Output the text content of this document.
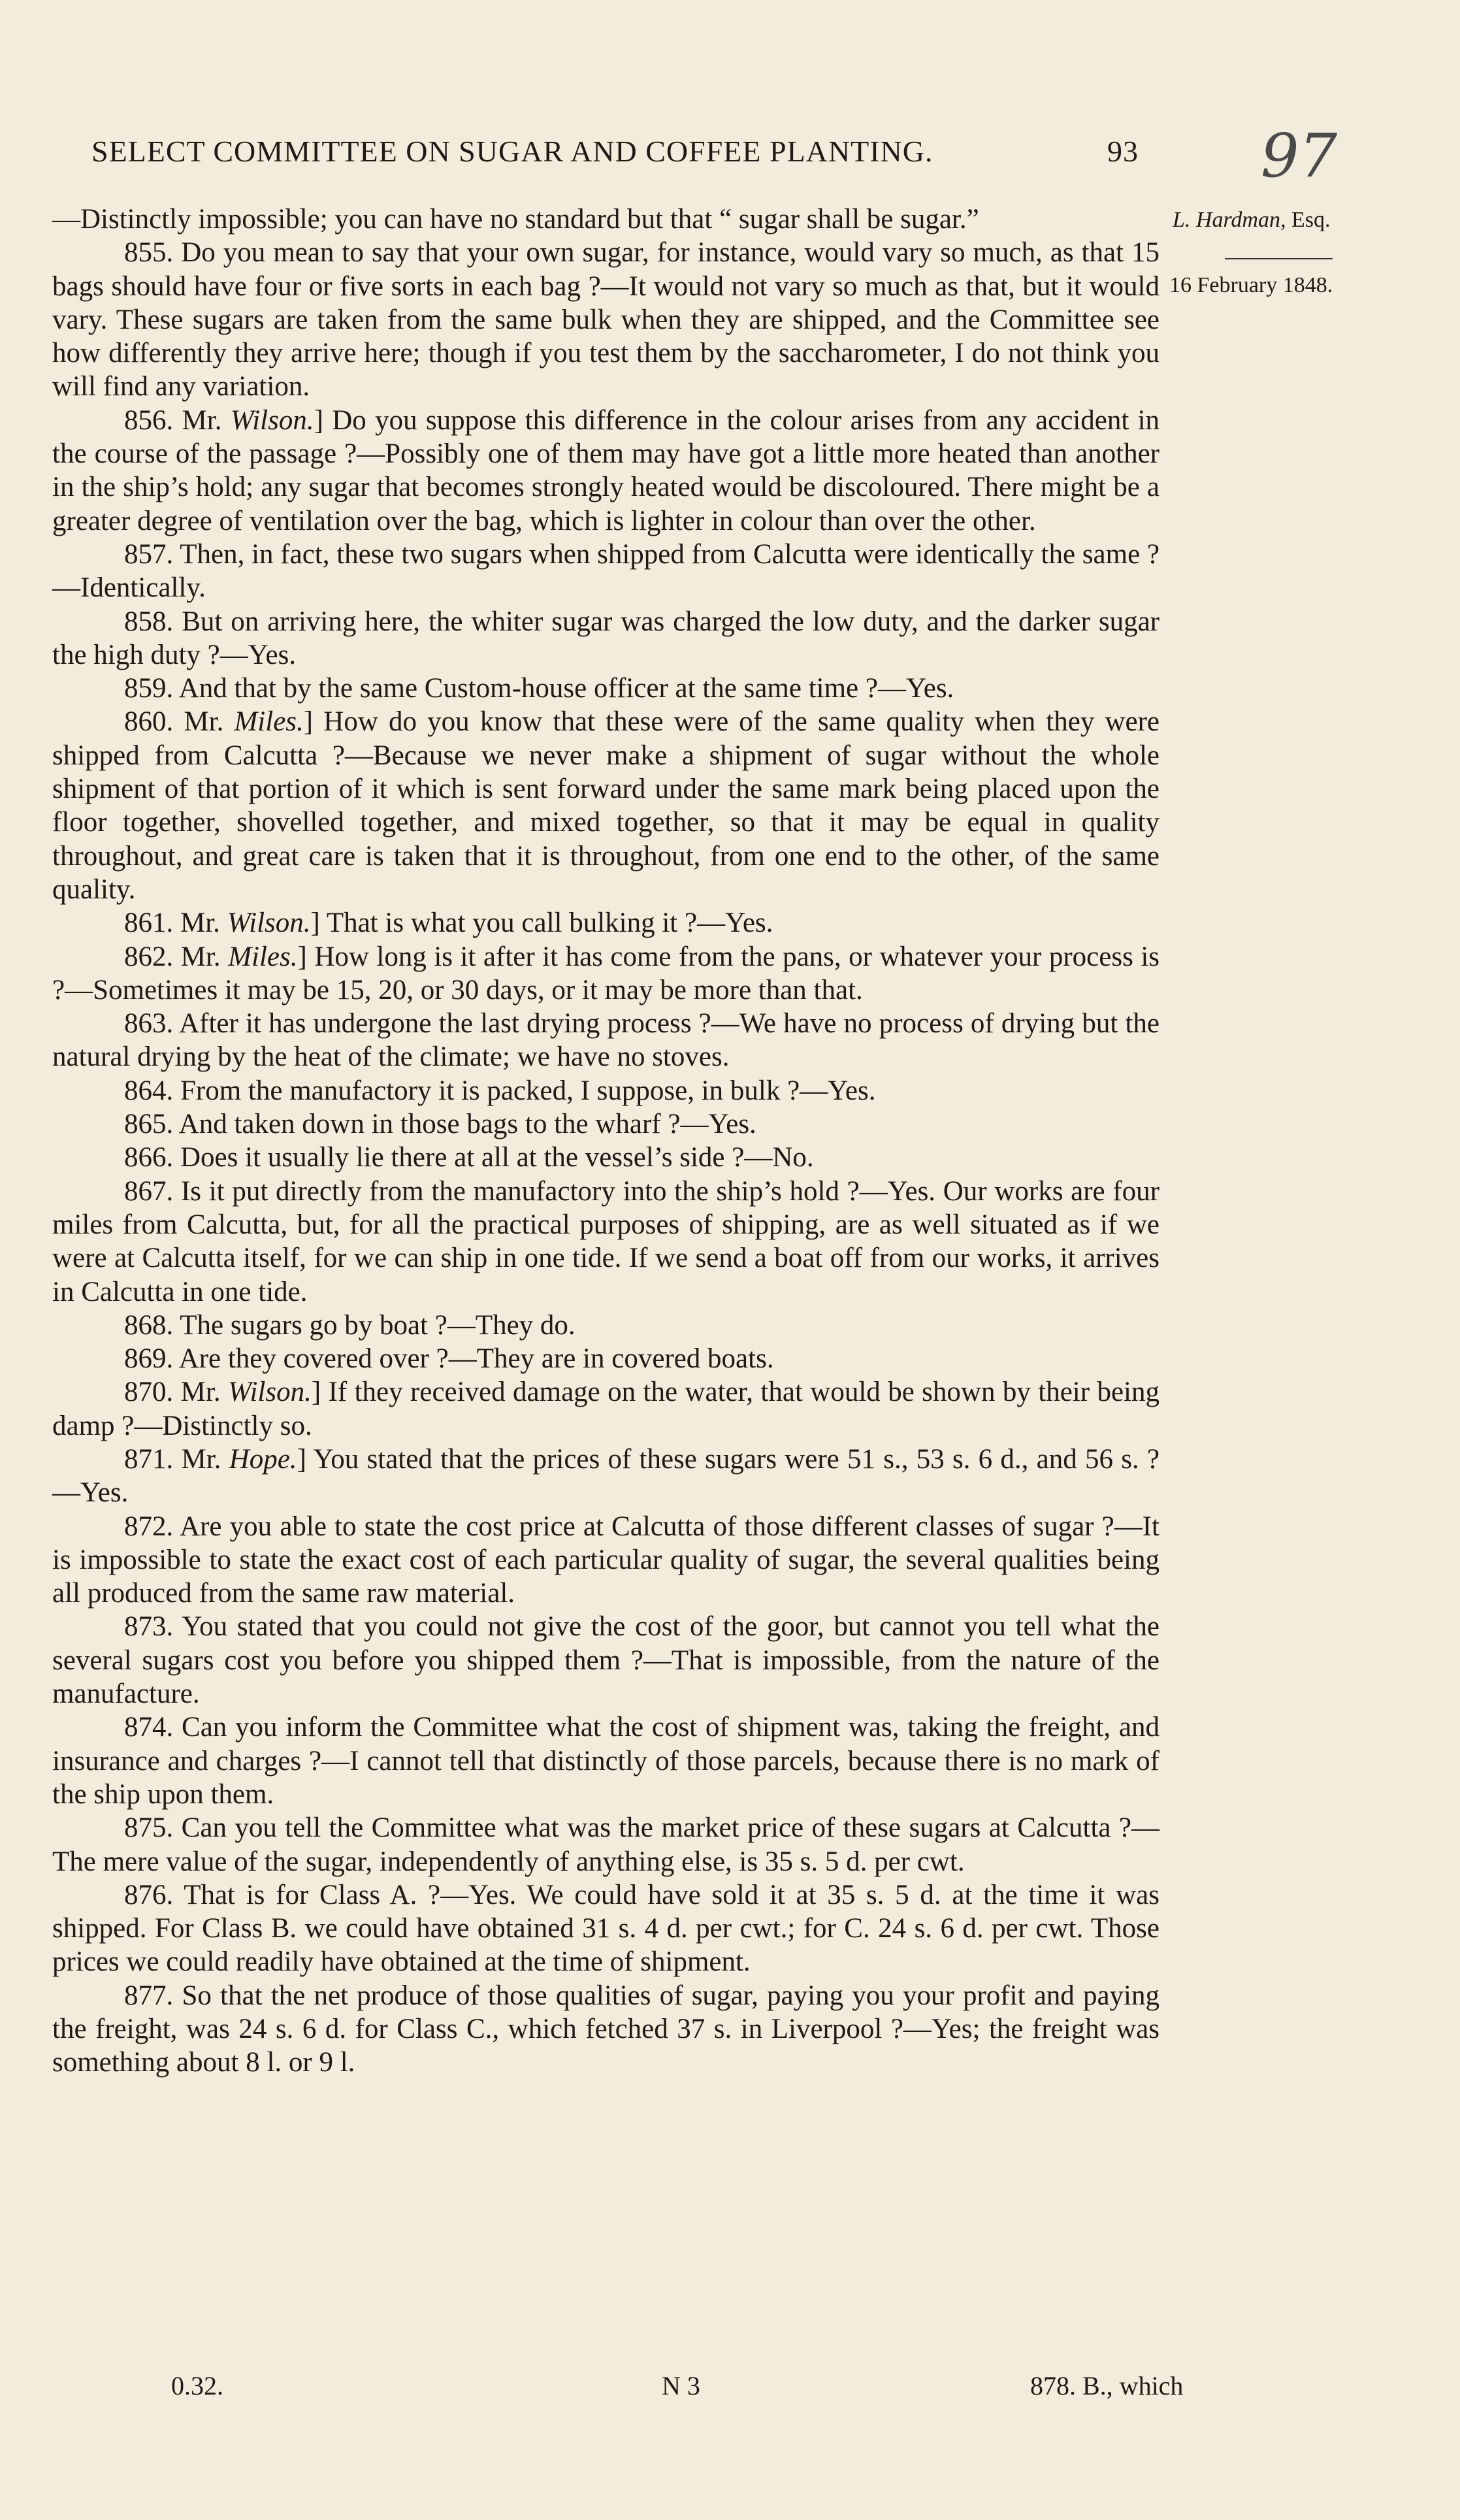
SELECT COMMITTEE ON SUGAR AND COFFEE PLANTING.	93 97
L. Hardman, Esq.
16 February 1848.

—Distinctly impossible; you can have no standard but that “ sugar shall be sugar.”

855. Do you mean to say that your own sugar, for instance, would vary so much, as that 15 bags should have four or five sorts in each bag ?—It would not vary so much as that, but it would vary. These sugars are taken from the same bulk when they are shipped, and the Committee see how differently they arrive here; though if you test them by the saccharometer, I do not think you will find any variation.

856. Mr. Wilson.] Do you suppose this difference in the colour arises from any accident in the course of the passage ?—Possibly one of them may have got a little more heated than another in the ship’s hold; any sugar that becomes strongly heated would be discoloured. There might be a greater degree of ventilation over the bag, which is lighter in colour than over the other.

857. Then, in fact, these two sugars when shipped from Calcutta were identically the same ?—Identically.

858. But on arriving here, the whiter sugar was charged the low duty, and the darker sugar the high duty ?—Yes.

859. And that by the same Custom-house officer at the same time ?—Yes.

860. Mr. Miles.] How do you know that these were of the same quality when they were shipped from Calcutta ?—Because we never make a shipment of sugar without the whole shipment of that portion of it which is sent forward under the same mark being placed upon the floor together, shovelled together, and mixed together, so that it may be equal in quality throughout, and great care is taken that it is throughout, from one end to the other, of the same quality.

861. Mr. Wilson.] That is what you call bulking it ?—Yes.

862. Mr. Miles.] How long is it after it has come from the pans, or whatever your process is ?—Sometimes it may be 15, 20, or 30 days, or it may be more than that.

863. After it has undergone the last drying process ?—We have no process of drying but the natural drying by the heat of the climate; we have no stoves.

864. From the manufactory it is packed, I suppose, in bulk ?—Yes.

865. And taken down in those bags to the wharf ?—Yes.

866. Does it usually lie there at all at the vessel’s side ?—No.

867. Is it put directly from the manufactory into the ship’s hold ?—Yes. Our works are four miles from Calcutta, but, for all the practical purposes of shipping, are as well situated as if we were at Calcutta itself, for we can ship in one tide. If we send a boat off from our works, it arrives in Calcutta in one tide.

868. The sugars go by boat ?—They do.

869. Are they covered over ?—They are in covered boats.

870. Mr. Wilson.] If they received damage on the water, that would be shown by their being damp ?—Distinctly so.

871. Mr. Hope.] You stated that the prices of these sugars were 51 s., 53 s. 6 d., and 56 s. ?—Yes.

872. Are you able to state the cost price at Calcutta of those different classes of sugar ?—It is impossible to state the exact cost of each particular quality of sugar, the several qualities being all produced from the same raw material.

873. You stated that you could not give the cost of the goor, but cannot you tell what the several sugars cost you before you shipped them ?—That is impossible, from the nature of the manufacture.

874. Can you inform the Committee what the cost of shipment was, taking the freight, and insurance and charges ?—I cannot tell that distinctly of those parcels, because there is no mark of the ship upon them.

875. Can you tell the Committee what was the market price of these sugars at Calcutta ?—The mere value of the sugar, independently of anything else, is 35 s. 5 d. per cwt.

876. That is for Class A. ?—Yes. We could have sold it at 35 s. 5 d. at the time it was shipped. For Class B. we could have obtained 31 s. 4 d. per cwt.; for C. 24 s. 6 d. per cwt. Those prices we could readily have obtained at the time of shipment.

877. So that the net produce of those qualities of sugar, paying you your profit and paying the freight, was 24 s. 6 d. for Class C., which fetched 37 s. in Liverpool ?—Yes; the freight was something about 8 l. or 9 l.

0.32.	N 3	878. B., which
